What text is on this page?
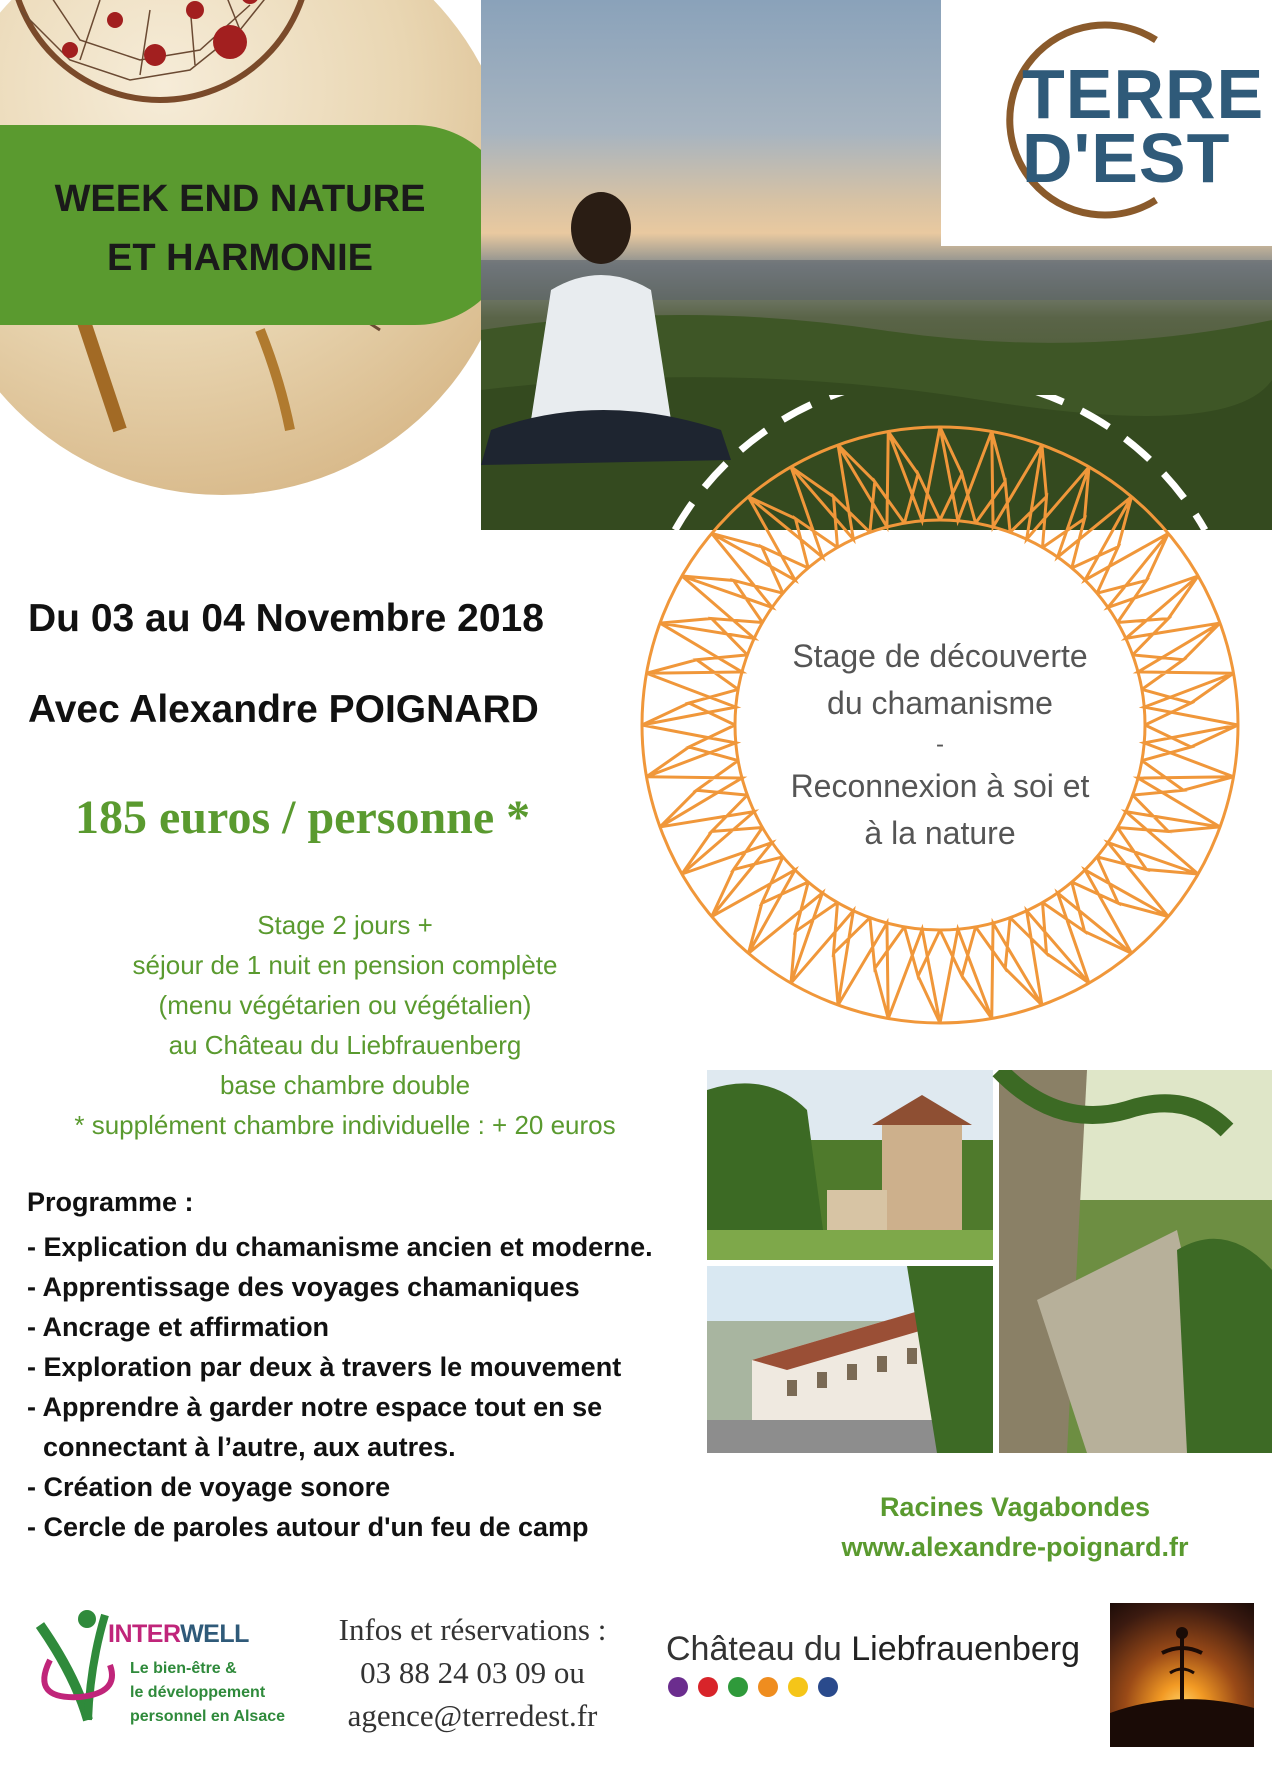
WEEK END NATURE
ET HARMONIE
TERRE
D'EST
Stage de découverte
du chamanisme
-
Reconnexion à soi et
à la nature
Du 03 au 04 Novembre 2018
Avec Alexandre POIGNARD
185 euros / personne *
Stage 2 jours +
séjour de 1 nuit en pension complète
(menu végétarien ou végétalien)
au Château du Liebfrauenberg
base chambre double
* supplément chambre individuelle : + 20 euros
Programme :
- Explication du chamanisme ancien et moderne.
- Apprentissage des voyages chamaniques
- Ancrage et affirmation
- Exploration par deux à travers le mouvement
- Apprendre à garder notre espace tout en se connectant à l’autre, aux autres.
- Création de voyage sonore
- Cercle de paroles autour d'un feu de camp
Racines Vagabondes
www.alexandre-poignard.fr
INTERWELL
Le bien-être &
le développement
personnel en Alsace
Infos et réservations :
03 88 24 03 09 ou
agence@terredest.fr
Château du Liebfrauenberg
